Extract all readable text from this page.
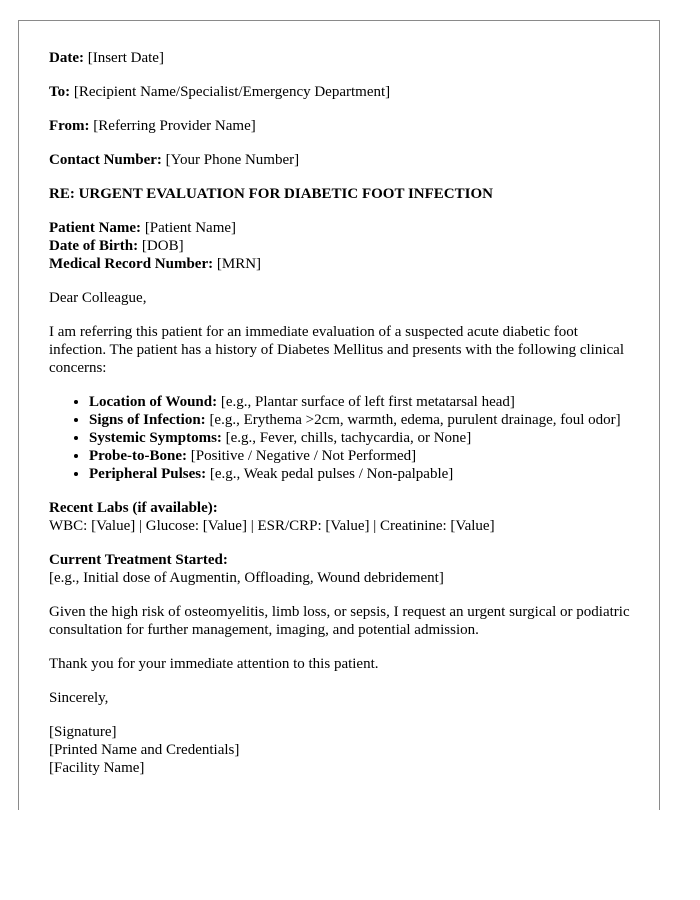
Date: [Insert Date]

To: [Recipient Name/Specialist/Emergency Department]

From: [Referring Provider Name]

Contact Number: [Your Phone Number]

RE: URGENT EVALUATION FOR DIABETIC FOOT INFECTION

Patient Name: [Patient Name]

Date of Birth: [DOB]

Medical Record Number: [MRN]

Dear Colleague,

I am referring this patient for an immediate evaluation of a suspected acute diabetic foot infection. The patient has a history of Diabetes Mellitus and presents with the following clinical concerns:

• Location of Wound: [e.g., Plantar surface of left first metatarsal head]
• Signs of Infection: [e.g., Erythema >2cm, warmth, edema, purulent drainage, foul odor]
• Systemic Symptoms: [e.g., Fever, chills, tachycardia, or None]
• Probe-to-Bone: [Positive / Negative / Not Performed]
• Peripheral Pulses: [e.g., Weak pedal pulses / Non-palpable]

Recent Labs (if available):

WBC: [Value] | Glucose: [Value] | ESR/CRP: [Value] | Creatinine: [Value]

Current Treatment Started:

[e.g., Initial dose of Augmentin, Offloading, Wound debridement]

Given the high risk of osteomyelitis, limb loss, or sepsis, I request an urgent surgical or podiatric consultation for further management, imaging, and potential admission.

Thank you for your immediate attention to this patient.

Sincerely,

[Signature]

[Printed Name and Credentials]

[Facility Name]
